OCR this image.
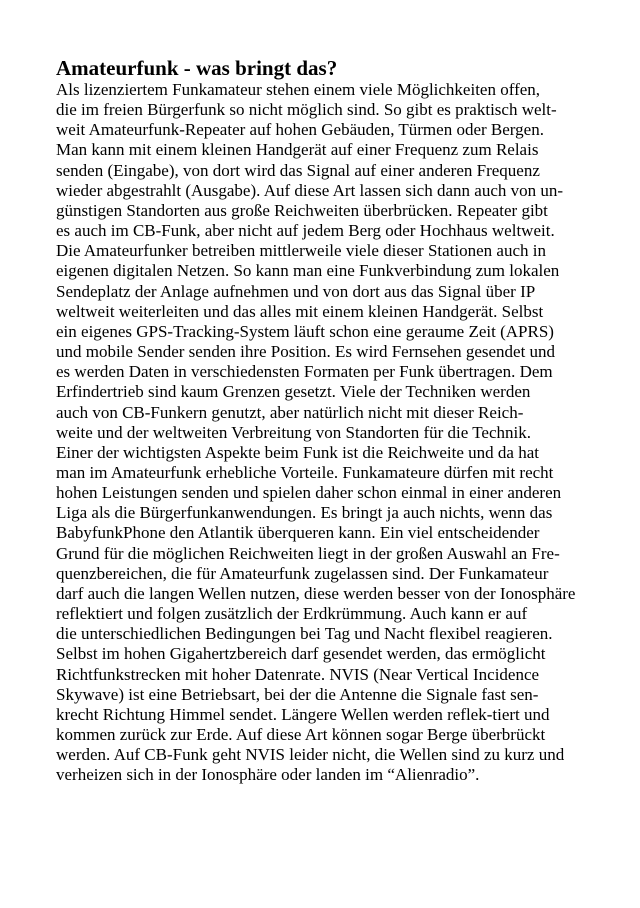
Amateurfunk - was bringt das?
Als lizenziertem Funkamateur stehen einem viele Möglichkeiten offen,
die im freien Bürgerfunk so nicht möglich sind. So gibt es praktisch welt-
weit Amateurfunk-Repeater auf hohen Gebäuden, Türmen oder Bergen.
Man kann mit einem kleinen Handgerät auf einer Frequenz zum Relais
senden (Eingabe), von dort wird das Signal auf einer anderen Frequenz
wieder abgestrahlt (Ausgabe). Auf diese Art lassen sich dann auch von un-
günstigen Standorten aus große Reichweiten überbrücken. Repeater gibt
es auch im CB-Funk, aber nicht auf jedem Berg oder Hochhaus weltweit.
Die Amateurfunker betreiben mittlerweile viele dieser Stationen auch in
eigenen digitalen Netzen. So kann man eine Funkverbindung zum lokalen
Sendeplatz der Anlage aufnehmen und von dort aus das Signal über IP
weltweit weiterleiten und das alles mit einem kleinen Handgerät. Selbst
ein eigenes GPS-Tracking-System läuft schon eine geraume Zeit (APRS)
und mobile Sender senden ihre Position. Es wird Fernsehen gesendet und
es werden Daten in verschiedensten Formaten per Funk übertragen. Dem
Erfindertrieb sind kaum Grenzen gesetzt. Viele der Techniken werden
auch von CB-Funkern genutzt, aber natürlich nicht mit dieser Reich-
weite und der weltweiten Verbreitung von Standorten für die Technik.
Einer der wichtigsten Aspekte beim Funk ist die Reichweite und da hat
man im Amateurfunk erhebliche Vorteile. Funkamateure dürfen mit recht
hohen Leistungen senden und spielen daher schon einmal in einer anderen
Liga als die Bürgerfunkanwendungen. Es bringt ja auch nichts, wenn das
BabyfunkPhone den Atlantik überqueren kann. Ein viel entscheidender
Grund für die möglichen Reichweiten liegt in der großen Auswahl an Fre-
quenzbereichen, die für Amateurfunk zugelassen sind. Der Funkamateur
darf auch die langen Wellen nutzen, diese werden besser von der Ionosphäre
reflektiert und folgen zusätzlich der Erdkrümmung. Auch kann er auf
die unterschiedlichen Bedingungen bei Tag und Nacht flexibel reagieren.
Selbst im hohen Gigahertzbereich darf gesendet werden, das ermöglicht
Richtfunkstrecken mit hoher Datenrate. NVIS (Near Vertical Incidence
Skywave) ist eine Betriebsart, bei der die Antenne die Signale fast sen-
krecht Richtung Himmel sendet. Längere Wellen werden reflek-tiert und
kommen zurück zur Erde. Auf diese Art können sogar Berge überbrückt
werden. Auf CB-Funk geht NVIS leider nicht, die Wellen sind zu kurz und
verheizen sich in der Ionosphäre oder landen im “Alienradio”.
